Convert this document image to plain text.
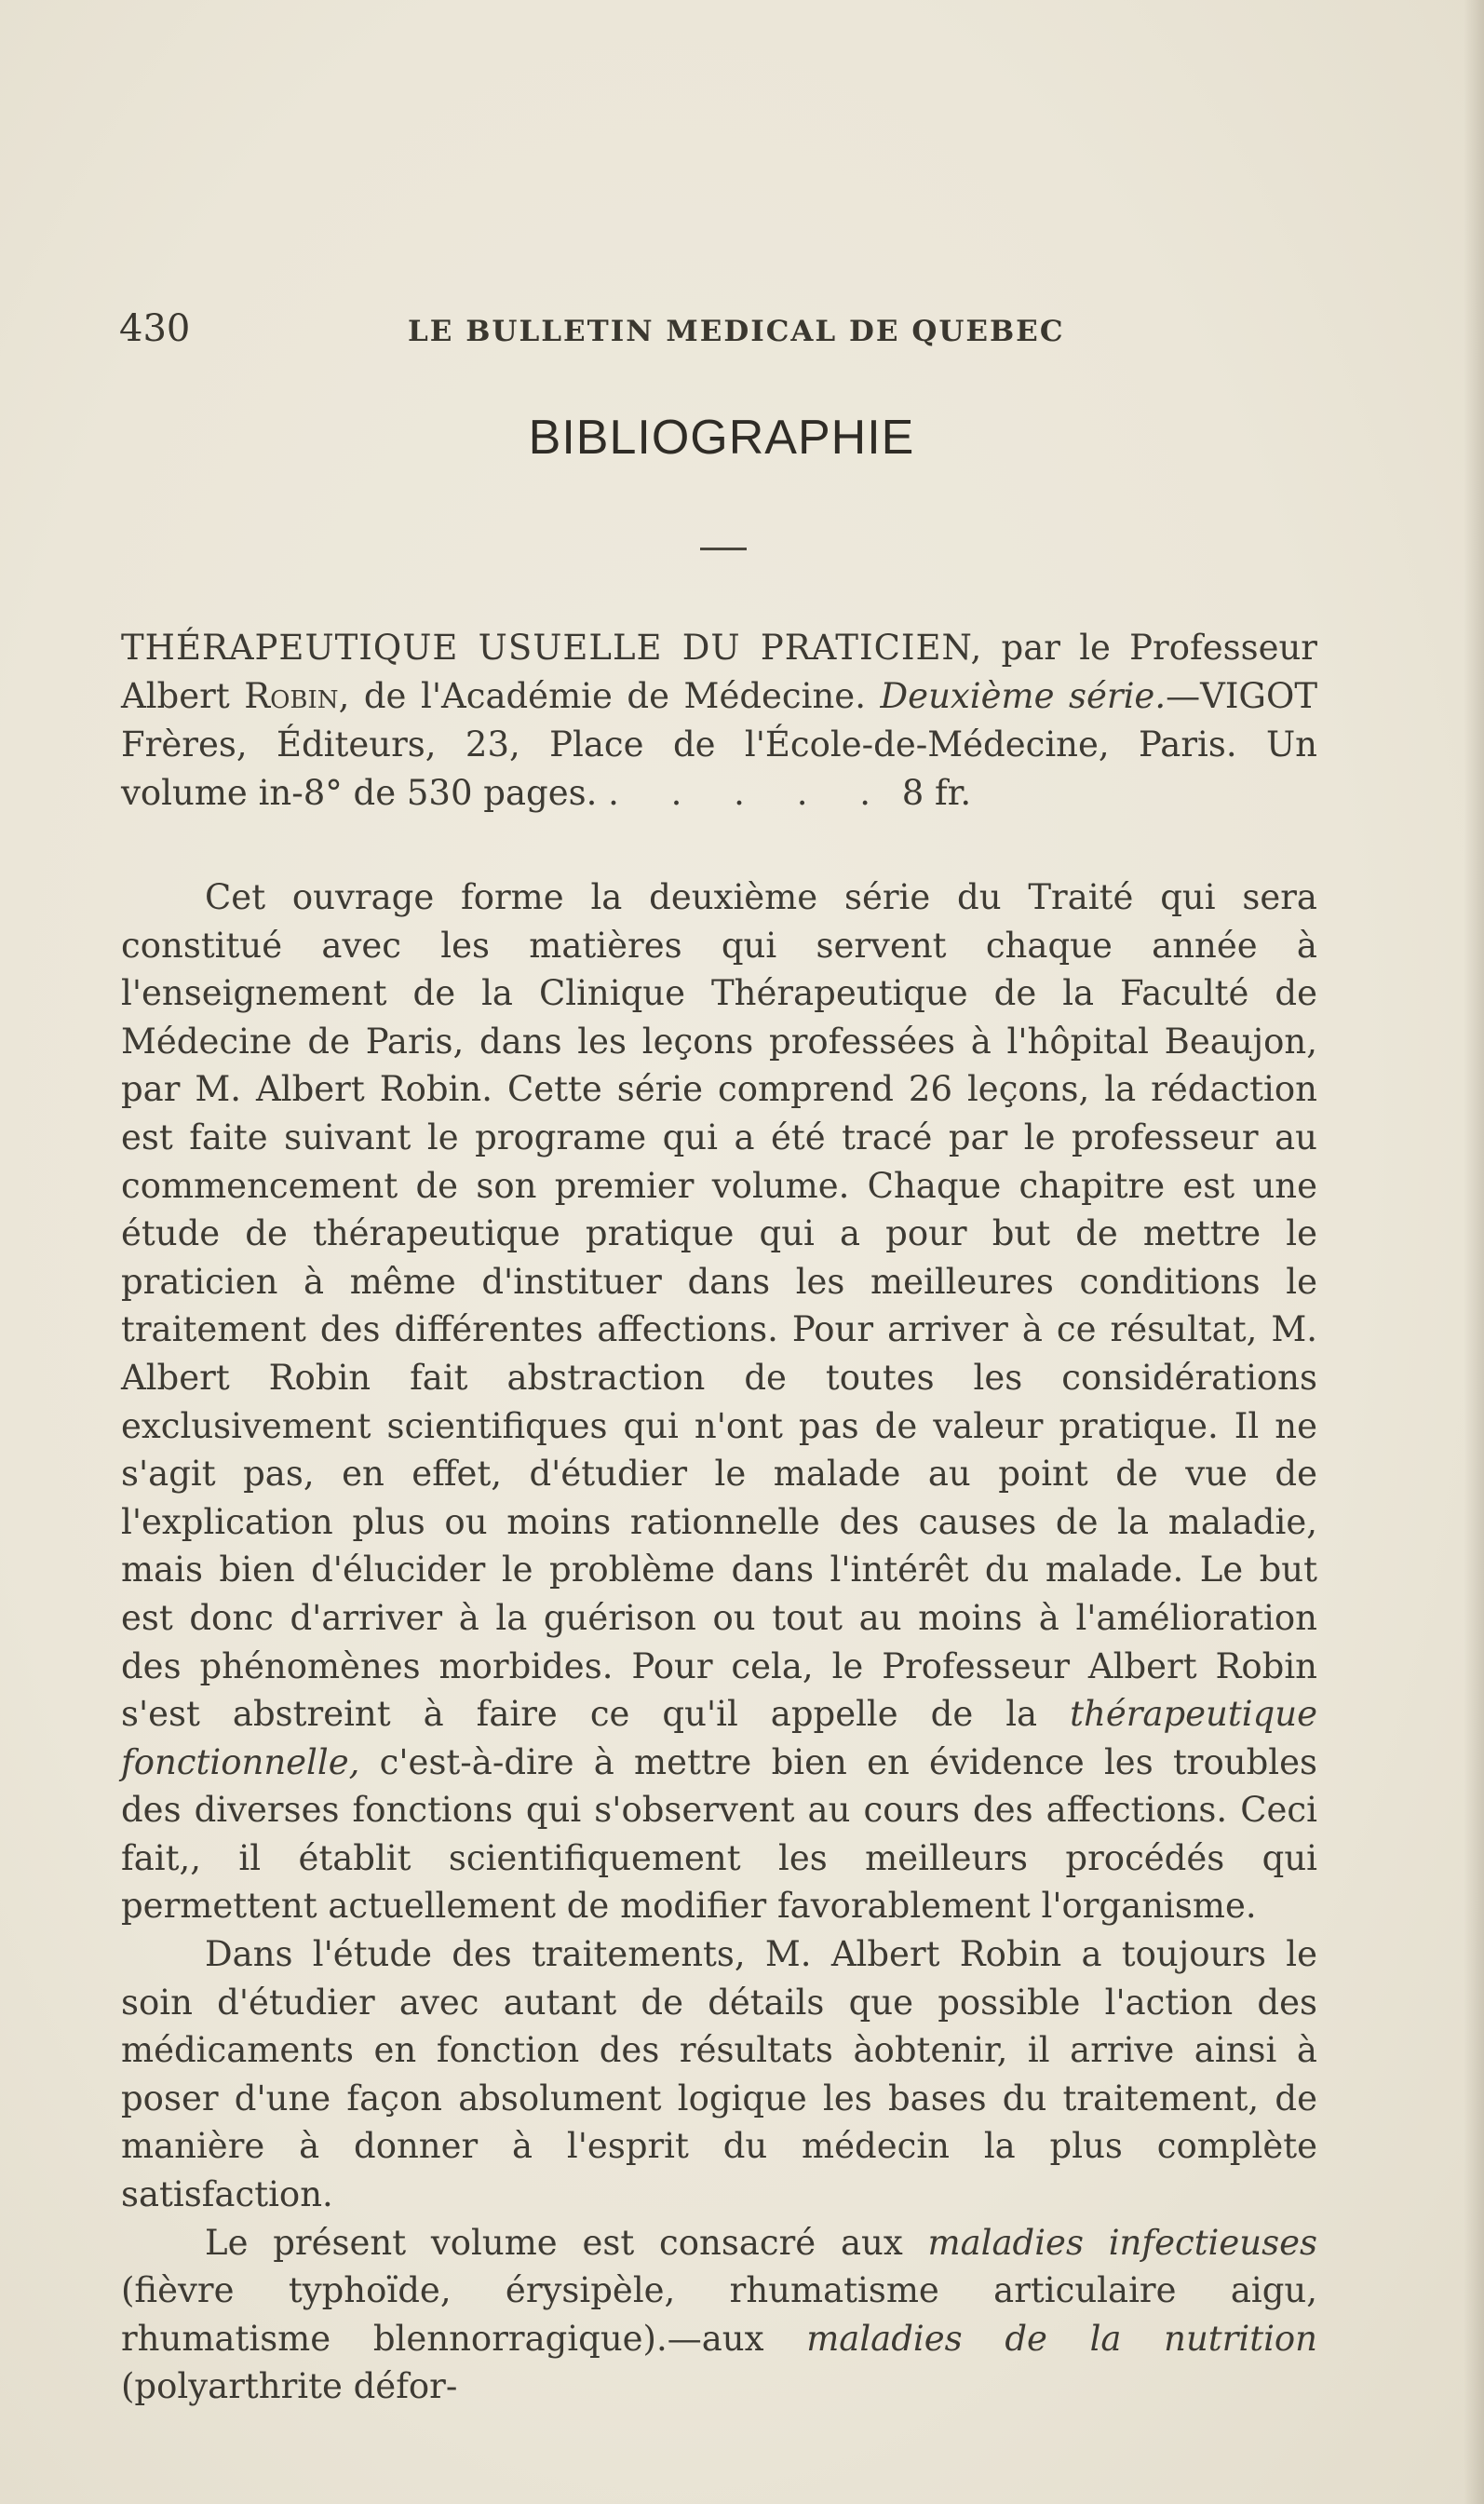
430	LE BULLETIN MEDICAL DE QUEBEC
BIBLIOGRAPHIE
THÉRAPEUTIQUE USUELLE DU PRATICIEN, par le Professeur Albert Robin, de l'Académie de Médecine. Deuxième série.—VIGOT Frères, Éditeurs, 23, Place de l'École-de-Médecine, Paris. Un volume in-8° de 530 pages. . . . . . 8 fr.

Cet ouvrage forme la deuxième série du Traité qui sera constitué avec les matières qui servent chaque année à l'enseignement de la Clinique Thérapeutique de la Faculté de Médecine de Paris, dans les leçons professées à l'hôpital Beaujon, par M. Albert Robin. Cette série comprend 26 leçons, la rédaction est faite suivant le programe qui a été tracé par le professeur au commencement de son premier volume. Chaque chapitre est une étude de thérapeutique pratique qui a pour but de mettre le praticien à même d'instituer dans les meilleures conditions le traitement des différentes affections. Pour arriver à ce résultat, M. Albert Robin fait abstraction de toutes les considérations exclusivement scientifiques qui n'ont pas de valeur pratique. Il ne s'agit pas, en effet, d'étudier le malade au point de vue de l'explication plus ou moins rationnelle des causes de la maladie, mais bien d'élucider le problème dans l'intérêt du malade. Le but est donc d'arriver à la guérison ou tout au moins à l'amélioration des phénomènes morbides. Pour cela, le Professeur Albert Robin s'est abstreint à faire ce qu'il appelle de la thérapeutique fonctionnelle, c'est-à-dire à mettre bien en évidence les troubles des diverses fonctions qui s'observent au cours des affections. Ceci fait,, il établit scientifiquement les meilleurs procédés qui permettent actuellement de modifier favorablement l'organisme.

Dans l'étude des traitements, M. Albert Robin a toujours le soin d'étudier avec autant de détails que possible l'action des médicaments en fonction des résultats àobtenir, il arrive ainsi à poser d'une façon absolument logique les bases du traitement, de manière à donner à l'esprit du médecin la plus complète satisfaction.

Le présent volume est consacré aux maladies infectieuses (fièvre typhoïde, érysipèle, rhumatisme articulaire aigu, rhumatisme blennorragique).—aux maladies de la nutrition (polyarthrite défor-
